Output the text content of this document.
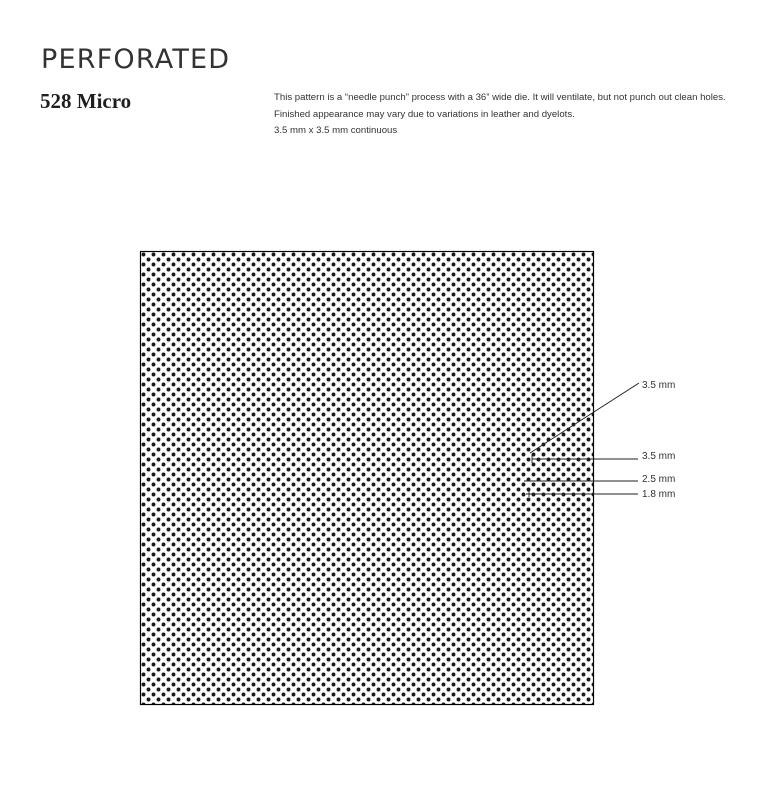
PERFORATED
528 Micro	This pattern is a “needle punch” process with a 36” wide die. It will ventilate, but not punch out clean holes.

Finished appearance may vary due to variations in leather and dyelots.

3.5 mm x 3.5 mm continuous

3.5 mm
3.5 mm
2.5 mm
1.8 mm
